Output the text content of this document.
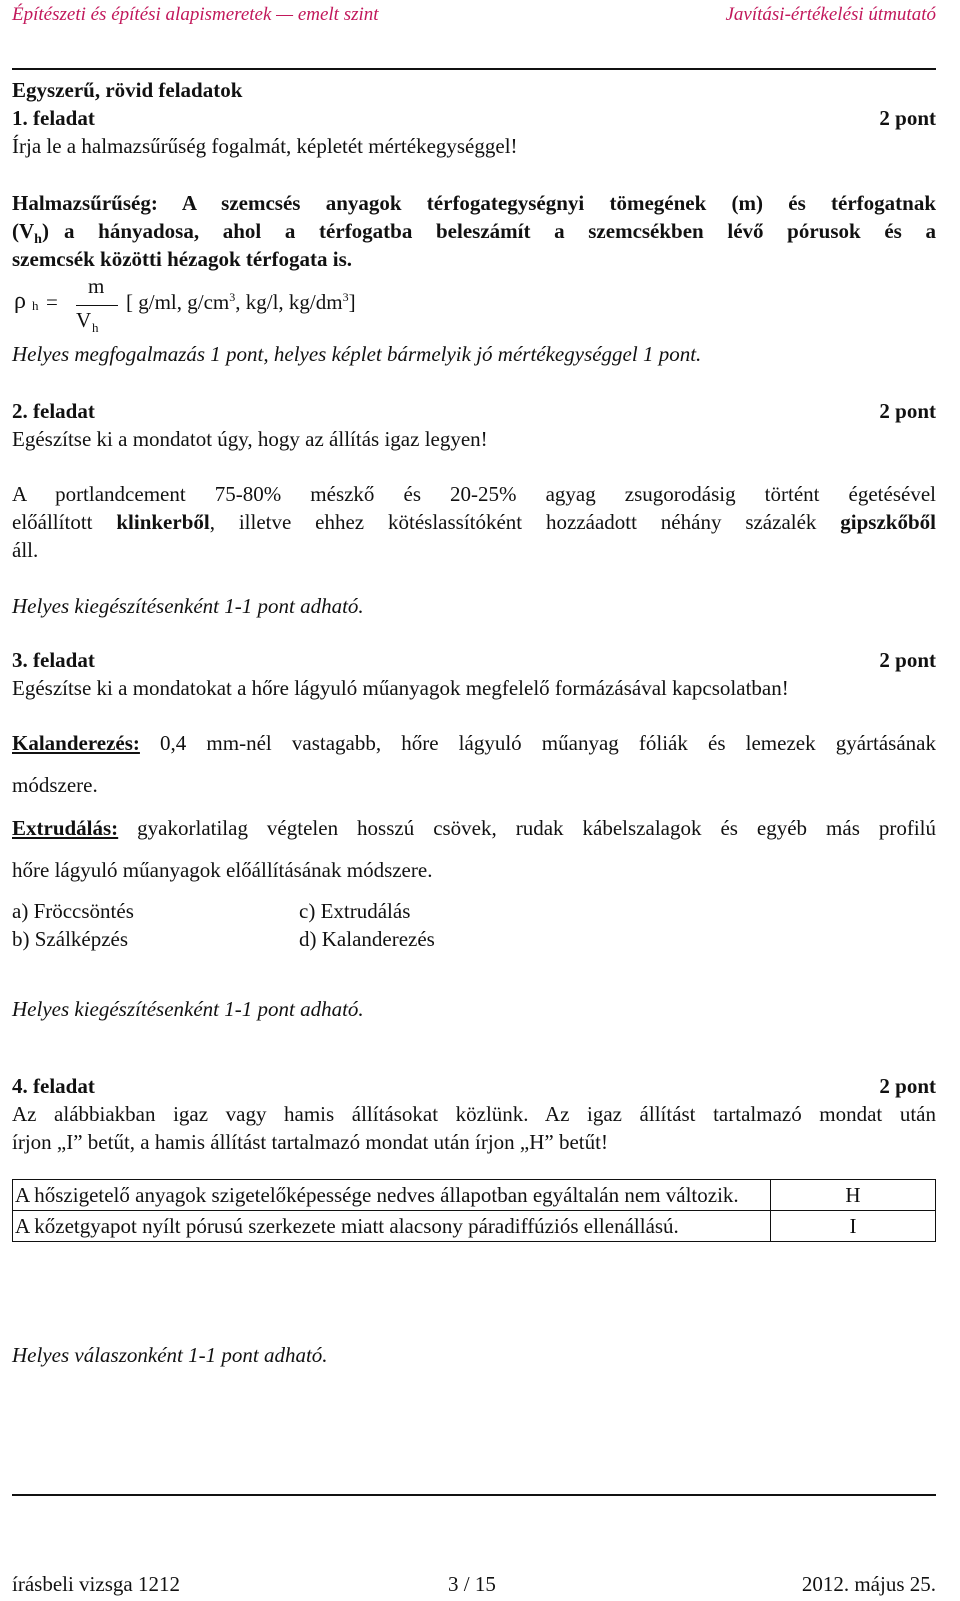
Építészeti és építési alapismeretek — emelt szint	Javítási-értékelési útmutató
Egyszerű, rövid feladatok
1. feladat	2 pont
Írja le a halmazsűrűség fogalmát, képletét mértékegységgel!
Halmazsűrűség: A szemcsés anyagok térfogategységnyi tömegének (m) és térfogatnak
$(V_h)$ a hányadosa, ahol a térfogatba beleszámít a szemcsékben lévő pórusok és a
szemcsék közötti hézagok térfogata is.
ρ h =
m
V h
[ g/ml, $g/cm^3$, kg/l, $kg/dm^3$]
Helyes megfogalmazás 1 pont, helyes képlet bármelyik jó mértékegységgel 1 pont.
2. feladat	2 pont
Egészítse ki a mondatot úgy, hogy az állítás igaz legyen!
A portlandcement 75-80% mészkő és 20-25% agyag zsugorodásig történt égetésével
előállított klinkerből, illetve ehhez kötéslassítóként hozzáadott néhány százalék gipszkőből
áll.
Helyes kiegészítésenként 1-1 pont adható.
3. feladat	2 pont
Egészítse ki a mondatokat a hőre lágyuló műanyagok megfelelő formázásával kapcsolatban!
Kalanderezés: 0,4 mm-nél vastagabb, hőre lágyuló műanyag fóliák és lemezek gyártásának
módszere.
Extrudálás: gyakorlatilag végtelen hosszú csövek, rudak kábelszalagok és egyéb más profilú
hőre lágyuló műanyagok előállításának módszere.
a) Fröccsöntés	c) Extrudálás
b) Szálképzés	d) Kalanderezés
Helyes kiegészítésenként 1-1 pont adható.
4. feladat	2 pont
Az alábbiakban igaz vagy hamis állításokat közlünk. Az igaz állítást tartalmazó mondat után
írjon „I” betűt, a hamis állítást tartalmazó mondat után írjon „H” betűt!
A hőszigetelő anyagok szigetelőképessége nedves állapotban egyáltalán nem változik.	H
A kőzetgyapot nyílt pórusú szerkezete miatt alacsony páradiffúziós ellenállású.	I
Helyes válaszonként 1-1 pont adható.
írásbeli vizsga 1212	3 / 15	2012. május 25.
